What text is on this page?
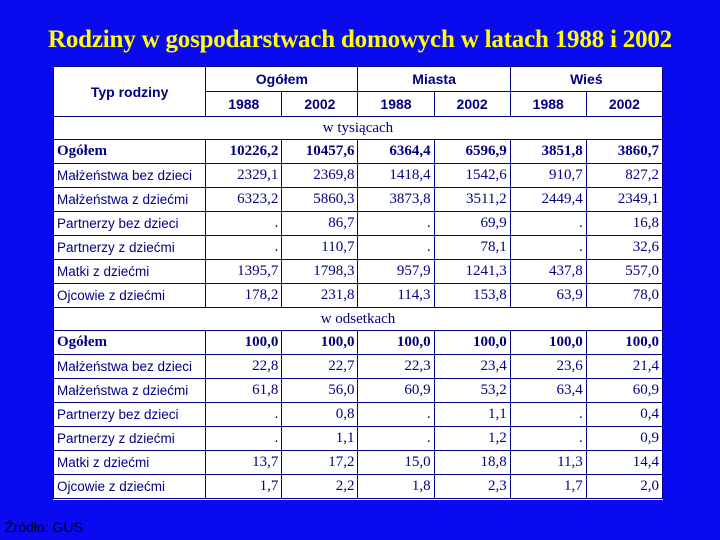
Rodziny w gospodarstwach domowych w latach 1988 i 2002
Typ rodziny	Ogółem		Miasta		Wieś	
	1988	2002	1988	2002	1988	2002
w tysiącach						
Ogółem	10226,2	10457,6	6364,4	6596,9	3851,8	3860,7
Małżeństwa bez dzieci	2329,1	2369,8	1418,4	1542,6	910,7	827,2
Małżeństwa z dziećmi	6323,2	5860,3	3873,8	3511,2	2449,4	2349,1
Partnerzy bez dzieci	.	86,7	.	69,9	.	16,8
Partnerzy z dziećmi	.	110,7	.	78,1	.	32,6
Matki z dziećmi	1395,7	1798,3	957,9	1241,3	437,8	557,0
Ojcowie z dziećmi	178,2	231,8	114,3	153,8	63,9	78,0
w odsetkach						
Ogółem	100,0	100,0	100,0	100,0	100,0	100,0
Małżeństwa bez dzieci	22,8	22,7	22,3	23,4	23,6	21,4
Małżeństwa z dziećmi	61,8	56,0	60,9	53,2	63,4	60,9
Partnerzy bez dzieci	.	0,8	.	1,1	.	0,4
Partnerzy z dziećmi	.	1,1	.	1,2	.	0,9
Matki z dziećmi	13,7	17,2	15,0	18,8	11,3	14,4
Ojcowie z dziećmi	1,7	2,2	1,8	2,3	1,7	2,0
Źródło: GUS
